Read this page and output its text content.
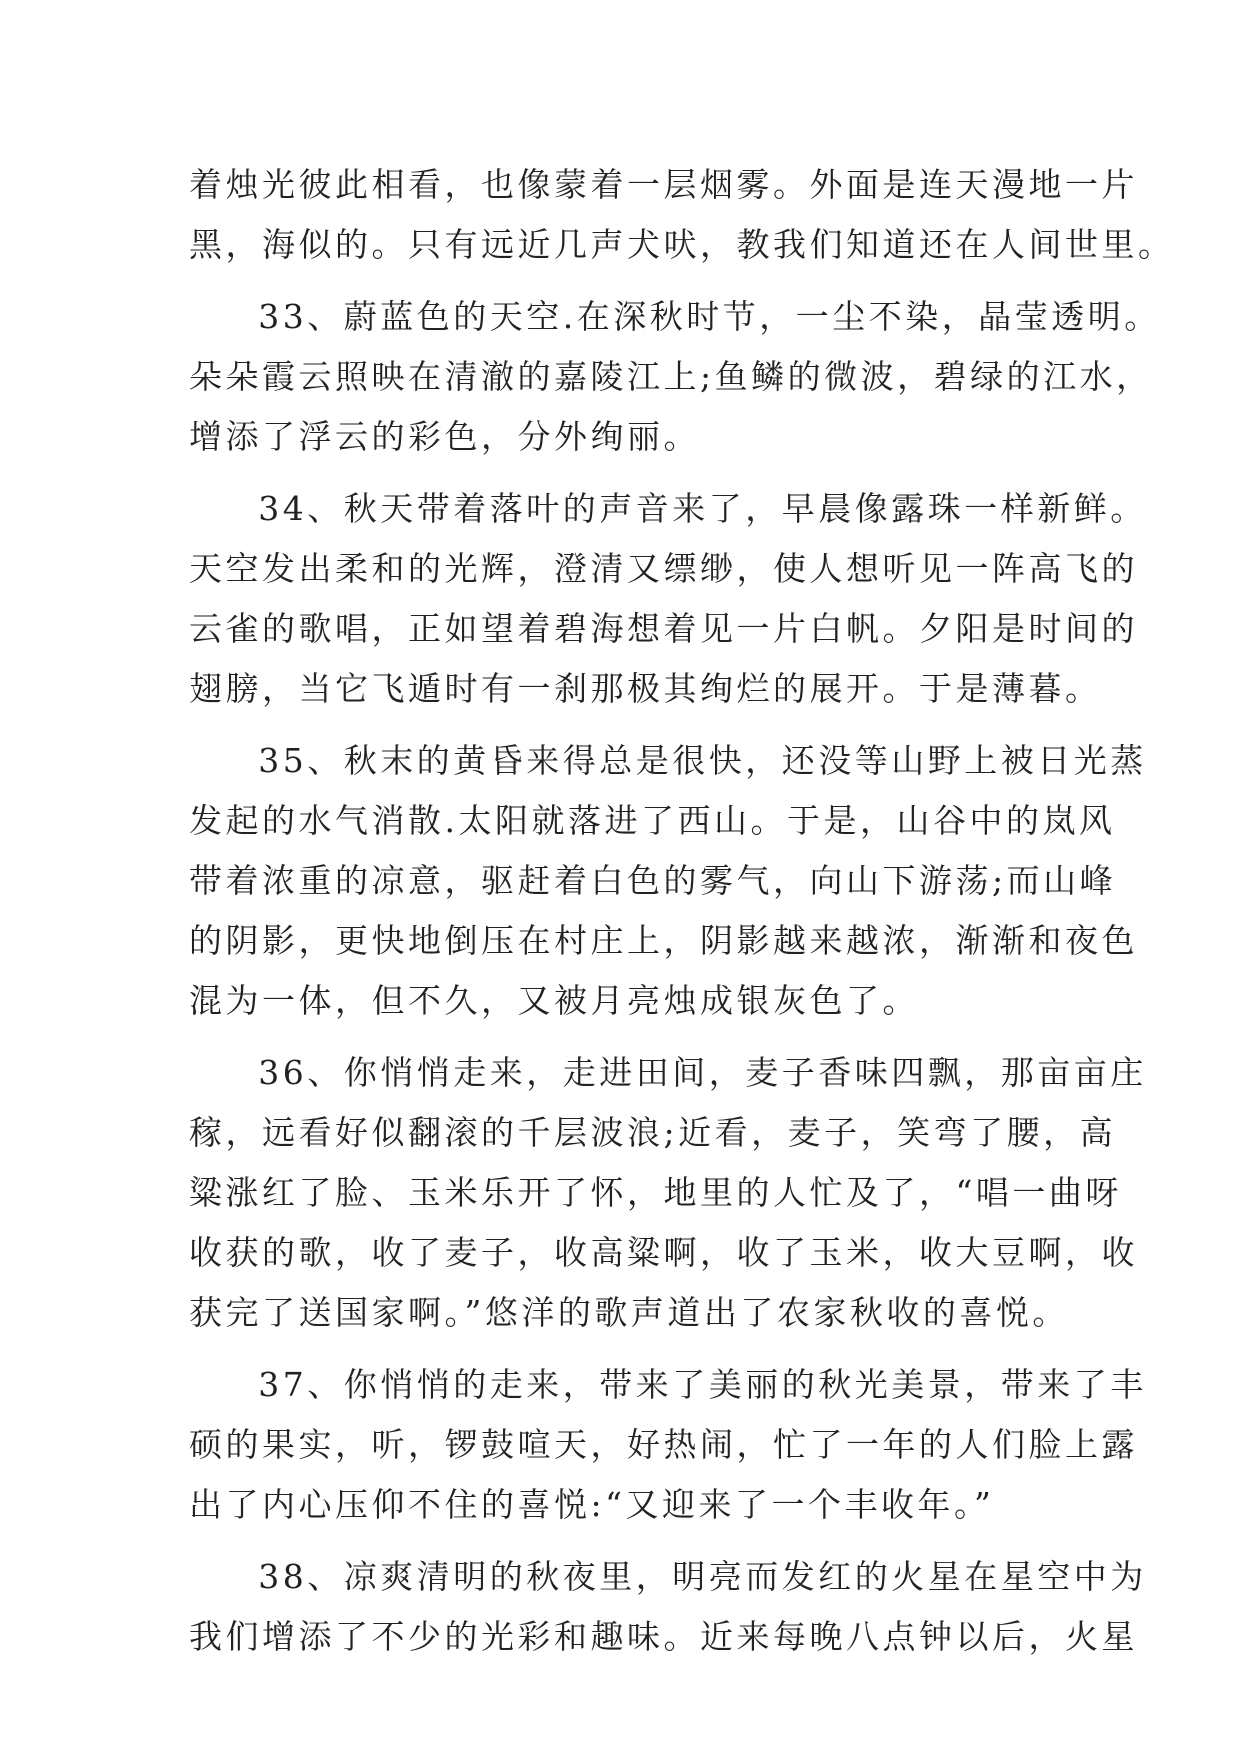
着烛光彼此相看，也像蒙着一层烟雾。外面是连天漫地一片
黑，海似的。只有远近几声犬吠，教我们知道还在人间世里。
33、蔚蓝色的天空.在深秋时节，一尘不染，晶莹透明。
朵朵霞云照映在清澈的嘉陵江上;鱼鳞的微波，碧绿的江水，
增添了浮云的彩色，分外绚丽。
34、秋天带着落叶的声音来了，早晨像露珠一样新鲜。
天空发出柔和的光辉，澄清又缥缈，使人想听见一阵高飞的
云雀的歌唱，正如望着碧海想着见一片白帆。夕阳是时间的
翅膀，当它飞遁时有一刹那极其绚烂的展开。于是薄暮。
35、秋末的黄昏来得总是很快，还没等山野上被日光蒸
发起的水气消散.太阳就落进了西山。于是，山谷中的岚风
带着浓重的凉意，驱赶着白色的雾气，向山下游荡;而山峰
的阴影，更快地倒压在村庄上，阴影越来越浓，渐渐和夜色
混为一体，但不久，又被月亮烛成银灰色了。
36、你悄悄走来，走进田间，麦子香味四飘，那亩亩庄
稼，远看好似翻滚的千层波浪;近看，麦子，笑弯了腰，高
粱涨红了脸、玉米乐开了怀，地里的人忙及了，“唱一曲呀
收获的歌，收了麦子，收高粱啊，收了玉米，收大豆啊，收
获完了送国家啊。”悠洋的歌声道出了农家秋收的喜悦。
37、你悄悄的走来，带来了美丽的秋光美景，带来了丰
硕的果实，听，锣鼓喧天，好热闹，忙了一年的人们脸上露
出了内心压仰不住的喜悦:“又迎来了一个丰收年。”
38、凉爽清明的秋夜里，明亮而发红的火星在星空中为
我们增添了不少的光彩和趣味。近来每晚八点钟以后，火星
